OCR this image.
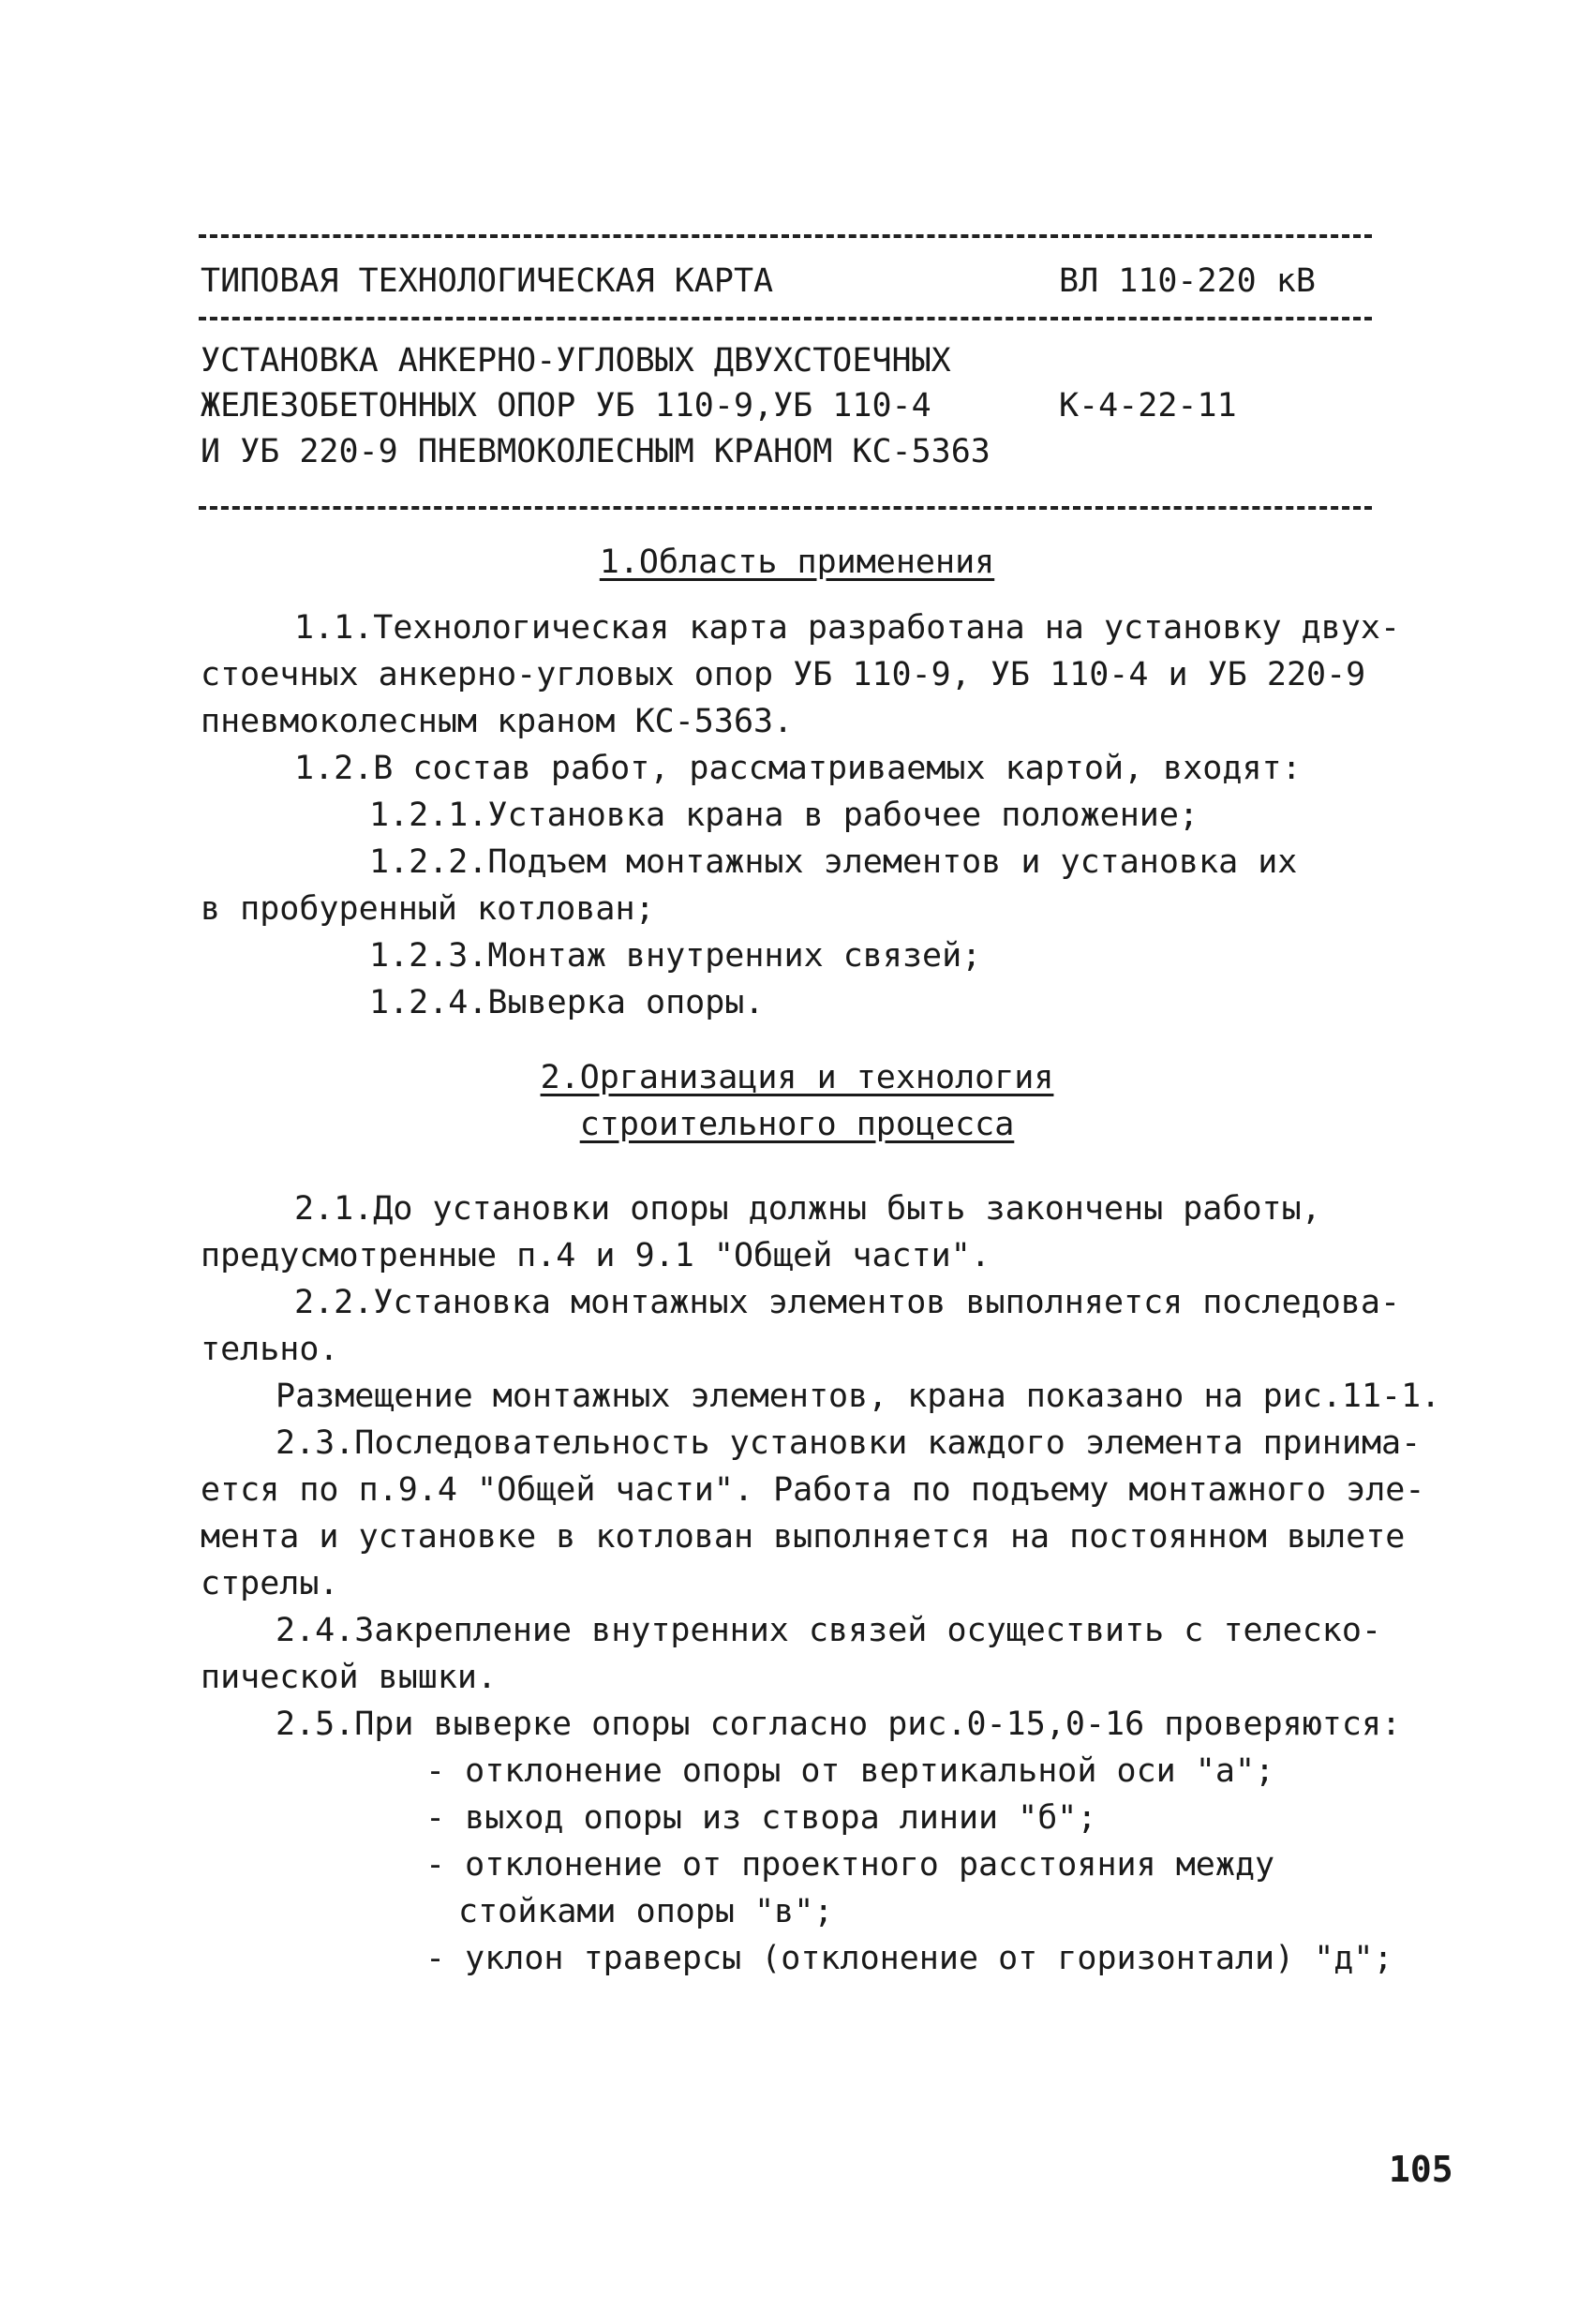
ТИПОВАЯ ТЕХНОЛОГИЧЕСКАЯ КАРТА	ВЛ 110-220 кВ
УСТАНОВКА АНКЕРНО-УГЛОВЫХ ДВУХСТОЕЧНЫХ
ЖЕЛЕЗОБЕТОННЫХ ОПОР УБ 110-9,УБ 110-4	К-4-22-11
И УБ 220-9 ПНЕВМОКОЛЕСНЫМ КРАНОМ КС-5363
1.Область применения
1.1.Технологическая карта разработана на установку двух-
стоечных анкерно-угловых опор УБ 110-9, УБ 110-4 и УБ 220-9
пневмоколесным краном КС-5363.
1.2.В состав работ, рассматриваемых картой, входят:
1.2.1.Установка крана в рабочее положение;
1.2.2.Подъем монтажных элементов и установка их
в пробуренный котлован;
1.2.3.Монтаж внутренних связей;
1.2.4.Выверка опоры.
2.Организация и технология
строительного процесса
2.1.До установки опоры должны быть закончены работы,
предусмотренные п.4 и 9.1 "Общей части".
2.2.Установка монтажных элементов выполняется последова-
тельно.
Размещение монтажных элементов, крана показано на рис.11-1.
2.3.Последовательность установки каждого элемента принима-
ется по п.9.4 "Общей части". Работа по подъему монтажного эле-
мента и установке в котлован выполняется на постоянном вылете
стрелы.
2.4.Закрепление внутренних связей осуществить с телеско-
пической вышки.
2.5.При выверке опоры согласно рис.0-15,0-16 проверяются:
- отклонение опоры от вертикальной оси "а";
- выход опоры из створа линии "б";
- отклонение от проектного расстояния между
стойками опоры "в";
- уклон траверсы (отклонение от горизонтали) "д";
105
